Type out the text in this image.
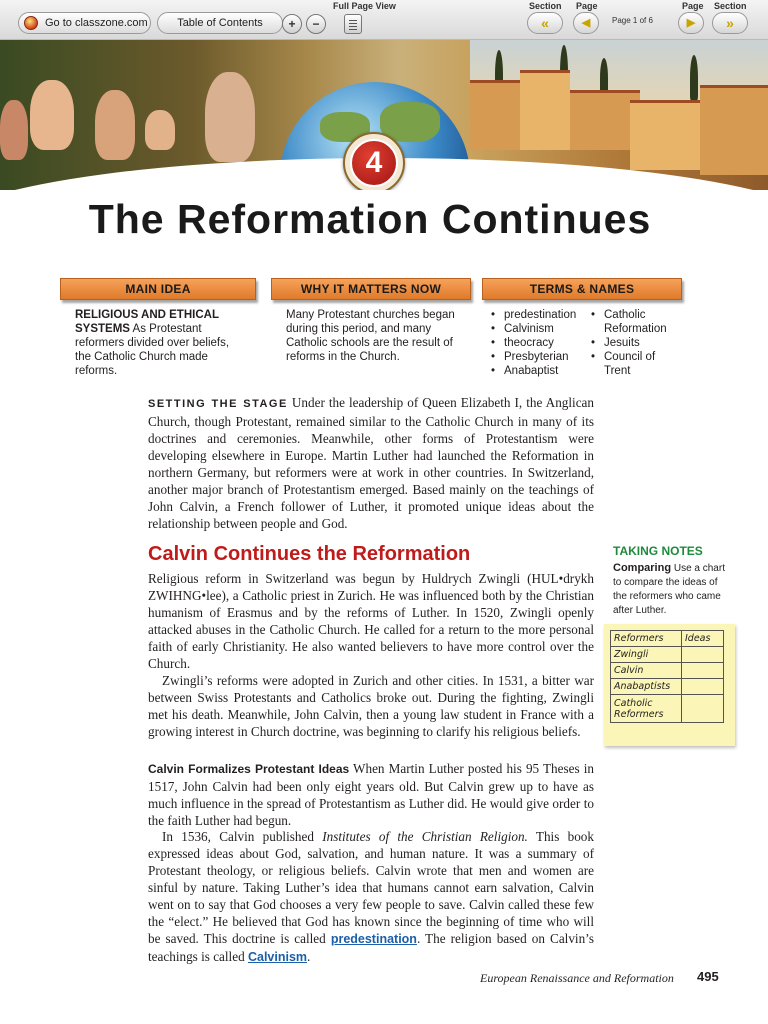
Go to classzone.com	Table of Contents	+	−
Full Page View	Section Page
«	◀	Page 1 of 6
Page Section
▶	»
4
The Reformation Continues
MAIN IDEA	WHY IT MATTERS NOW	TERMS & NAMES
RELIGIOUS AND ETHICAL SYSTEMS As Protestant reformers divided over beliefs, the Catholic Church made reforms.
Many Protestant churches began during this period, and many Catholic schools are the result of reforms in the Church.
• predestination
• Calvinism
• theocracy
• Presbyterian
• Anabaptist
• Catholic Reformation
• Jesuits
• Council of Trent

SETTING THE STAGE Under the leadership of Queen Elizabeth I, the Anglican Church, though Protestant, remained similar to the Catholic Church in many of its doctrines and ceremonies. Meanwhile, other forms of Protestantism were developing elsewhere in Europe. Martin Luther had launched the Reformation in northern Germany, but reformers were at work in other countries. In Switzerland, another major branch of Protestantism emerged. Based mainly on the teachings of John Calvin, a French follower of Luther, it promoted unique ideas about the relationship between people and God.

Calvin Continues the Reformation

Religious reform in Switzerland was begun by Huldrych Zwingli (HUL•drykh ZWIHNG•lee), a Catholic priest in Zurich. He was influenced both by the Christian humanism of Erasmus and by the reforms of Luther. In 1520, Zwingli openly attacked abuses in the Catholic Church. He called for a return to the more personal faith of early Christianity. He also wanted believers to have more control over the Church.

Zwingli’s reforms were adopted in Zurich and other cities. In 1531, a bitter war between Swiss Protestants and Catholics broke out. During the fighting, Zwingli met his death. Meanwhile, John Calvin, then a young law student in France with a growing interest in Church doctrine, was beginning to clarify his religious beliefs.

Calvin Formalizes Protestant Ideas When Martin Luther posted his 95 Theses in 1517, John Calvin had been only eight years old. But Calvin grew up to have as much influence in the spread of Protestantism as Luther did. He would give order to the faith Luther had begun.

In 1536, Calvin published Institutes of the Christian Religion. This book expressed ideas about God, salvation, and human nature. It was a summary of Protestant theology, or religious beliefs. Calvin wrote that men and women are sinful by nature. Taking Luther’s idea that humans cannot earn salvation, Calvin went on to say that God chooses a very few people to save. Calvin called these few the “elect.” He believed that God has known since the beginning of time who will be saved. This doctrine is called predestination. The religion based on Calvin’s teachings is called Calvinism.

TAKING NOTES
Comparing Use a chart to compare the ideas of the reformers who came after Luther.
Reformers	Ideas
Zwingli	
Calvin	
Anabaptists	
Catholic Reformers	
European Renaissance and Reformation 495
